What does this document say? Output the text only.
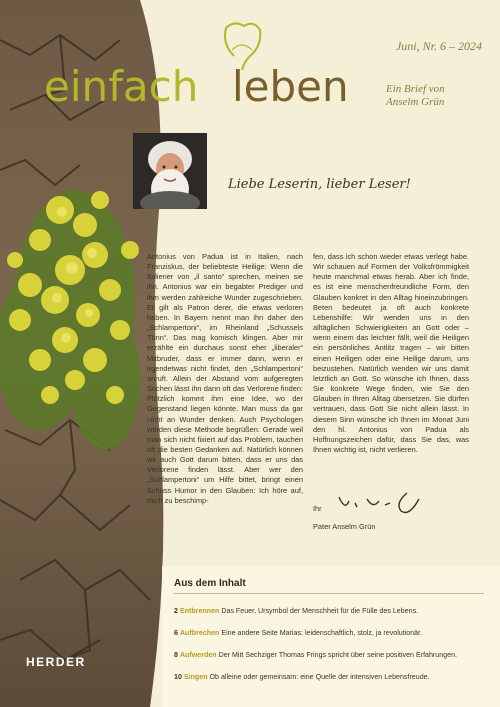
Juni, Nr. 6 – 2024
einfach leben	Ein Brief von
Anselm Grün
Liebe Leserin, lieber Leser!
Antonius von Padua ist in Italien, nach Franziskus, der beliebteste Heilige: Wenn die Italiener von „il santo“ sprechen, meinen sie ihn. Antonius war ein begabter Prediger und ihm werden zahlreiche Wunder zugeschrieben. Er gilt als Patron derer, die etwas verloren haben. In Bayern nennt man ihn daher den „Schlampertoni“, im Rheinland „Schussels Tünn“. Das mag komisch klingen. Aber mir erzählte ein durchaus sonst eher „liberaler“ Mitbruder, dass er immer dann, wenn er irgendetwas nicht findet, den „Schlampertoni“ anruft. Allein der Abstand vom aufgeregten Suchen lässt ihn dann oft das Verlorene finden: Plötzlich kommt ihm eine Idee, wo der Gegenstand liegen könnte. Man muss da gar nicht an Wunder denken. Auch Psychologen würden diese Methode begrüßen: Gerade weil man sich nicht fixiert auf das Problem, tauchen oft die besten Gedanken auf. Natürlich können wir auch Gott darum bitten, dass er uns das Verlorene finden lässt. Aber wer den „Schlampertoni“ um Hilfe bittet, bringt einen Schuss Humor in den Glauben: Ich höre auf, mich zu beschimp-
fen, dass ich schon wieder etwas verlegt habe. Wir schauen auf Formen der Volksfrömmigkeit heute manchmal etwas herab. Aber ich finde, es ist eine menschenfreundliche Form, den Glauben konkret in den Alltag hineinzubringen. Beten bedeutet ja oft auch konkrete Lebenshilfe: Wir wenden uns in den alltäglichen Schwierigkeiten an Gott oder – wenn einem das leichter fällt, weil die Heiligen ein persönliches Antlitz tragen – wir bitten einen Heiligen oder eine Heilige darum, uns beizustehen. Natürlich wenden wir uns damit letztlich an Gott. So wünsche ich Ihnen, dass Sie konkrete Wege finden, wie Sie den Glauben in Ihren Alltag übersetzen. Sie dürfen vertrauen, dass Gott Sie nicht allein lässt. In diesem Sinn wünsche ich Ihnen im Monat Juni den hl. Antonius von Padua als Hoffnungszeichen dafür, dass Sie das, was Ihnen wichtig ist, nicht verlieren.
Ihr
Pater Anselm Grün
Aus dem Inhalt
2 Entbrennen Das Feuer, Ursymbol der Menschheit für die Fülle des Lebens.
6 Aufbrechen Eine andere Seite Marias: leidenschaftlich, stolz, ja revolutionär.
8 Aufwerden Der Mitt Sechziger Thomas Frings spricht über seine positiven Erfahrungen.
10 Singen Ob alleine oder gemeinsam: eine Quelle der intensiven Lebensfreude.
HERDER
